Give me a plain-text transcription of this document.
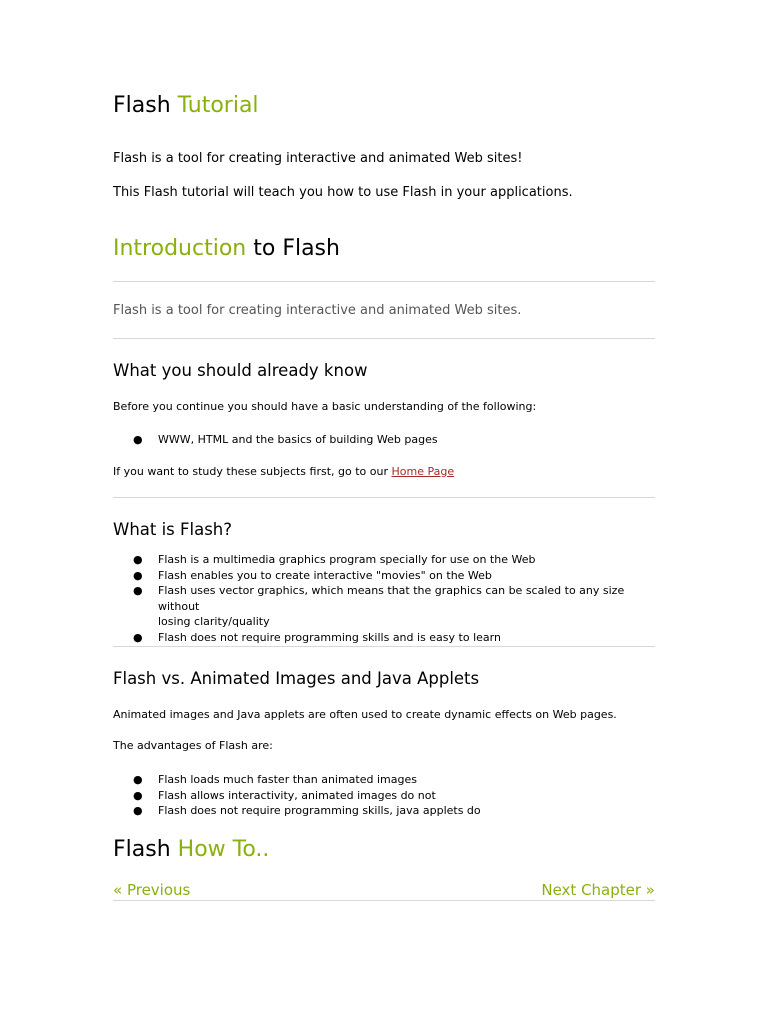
Flash Tutorial
Flash is a tool for creating interactive and animated Web sites!
This Flash tutorial will teach you how to use Flash in your applications.
Introduction to Flash
Flash is a tool for creating interactive and animated Web sites.
What you should already know
Before you continue you should have a basic understanding of the following:
● WWW, HTML and the basics of building Web pages
If you want to study these subjects first, go to our Home Page
What is Flash?
● Flash is a multimedia graphics program specially for use on the Web
● Flash enables you to create interactive "movies" on the Web
● Flash uses vector graphics, which means that the graphics can be scaled to any size without
losing clarity/quality
● Flash does not require programming skills and is easy to learn
Flash vs. Animated Images and Java Applets
Animated images and Java applets are often used to create dynamic effects on Web pages.
The advantages of Flash are:
● Flash loads much faster than animated images
● Flash allows interactivity, animated images do not
● Flash does not require programming skills, java applets do
Flash How To..
« Previous	Next Chapter »
